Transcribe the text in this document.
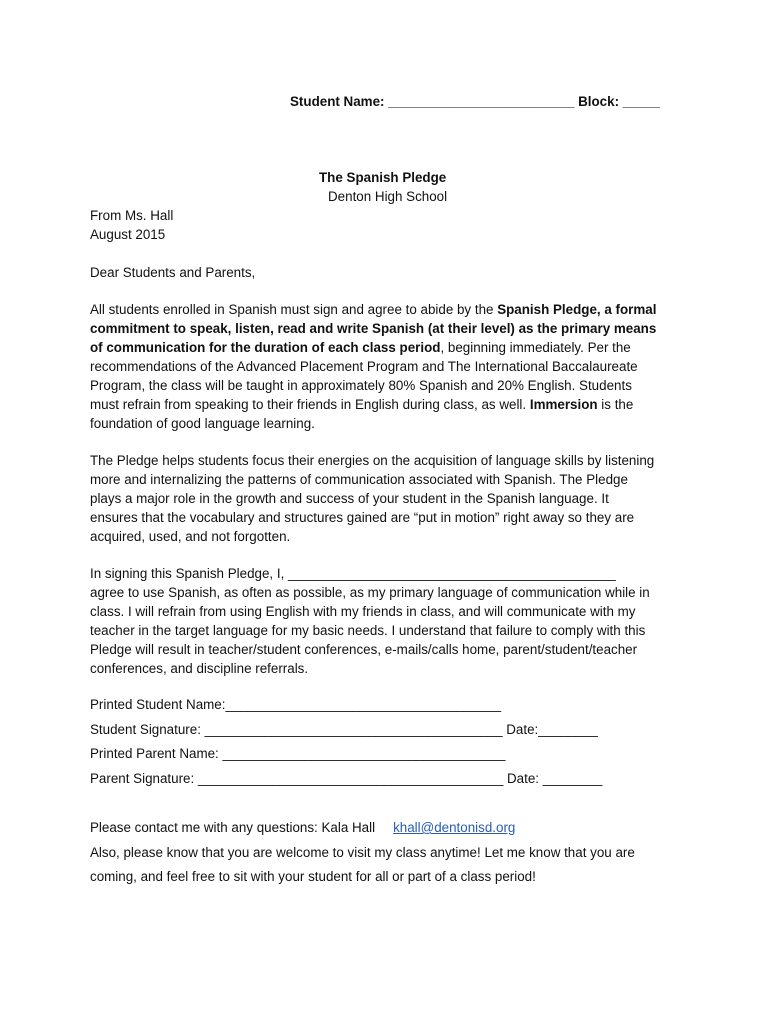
Student Name: _________________________ Block: _____
The Spanish Pledge
Denton High School
From Ms. Hall
August 2015
Dear Students and Parents,
All students enrolled in Spanish must sign and agree to abide by the Spanish Pledge, a formal
commitment to speak, listen, read and write Spanish (at their level) as the primary means
of communication for the duration of each class period, beginning immediately. Per the
recommendations of the Advanced Placement Program and The International Baccalaureate
Program, the class will be taught in approximately 80% Spanish and 20% English. Students
must refrain from speaking to their friends in English during class, as well. Immersion is the
foundation of good language learning.
The Pledge helps students focus their energies on the acquisition of language skills by listening
more and internalizing the patterns of communication associated with Spanish. The Pledge
plays a major role in the growth and success of your student in the Spanish language. It
ensures that the vocabulary and structures gained are “put in motion” right away so they are
acquired, used, and not forgotten.
In signing this Spanish Pledge, I, ____________________________________________
agree to use Spanish, as often as possible, as my primary language of communication while in
class. I will refrain from using English with my friends in class, and will communicate with my
teacher in the target language for my basic needs. I understand that failure to comply with this
Pledge will result in teacher/student conferences, e-mails/calls home, parent/student/teacher
conferences, and discipline referrals.
Printed Student Name:_____________________________________
Student Signature: ________________________________________ Date:________
Printed Parent Name: ______________________________________
Parent Signature: _________________________________________ Date: ________
Please contact me with any questions: Kala Hall khall@dentonisd.org
Also, please know that you are welcome to visit my class anytime! Let me know that you are
coming, and feel free to sit with your student for all or part of a class period!
